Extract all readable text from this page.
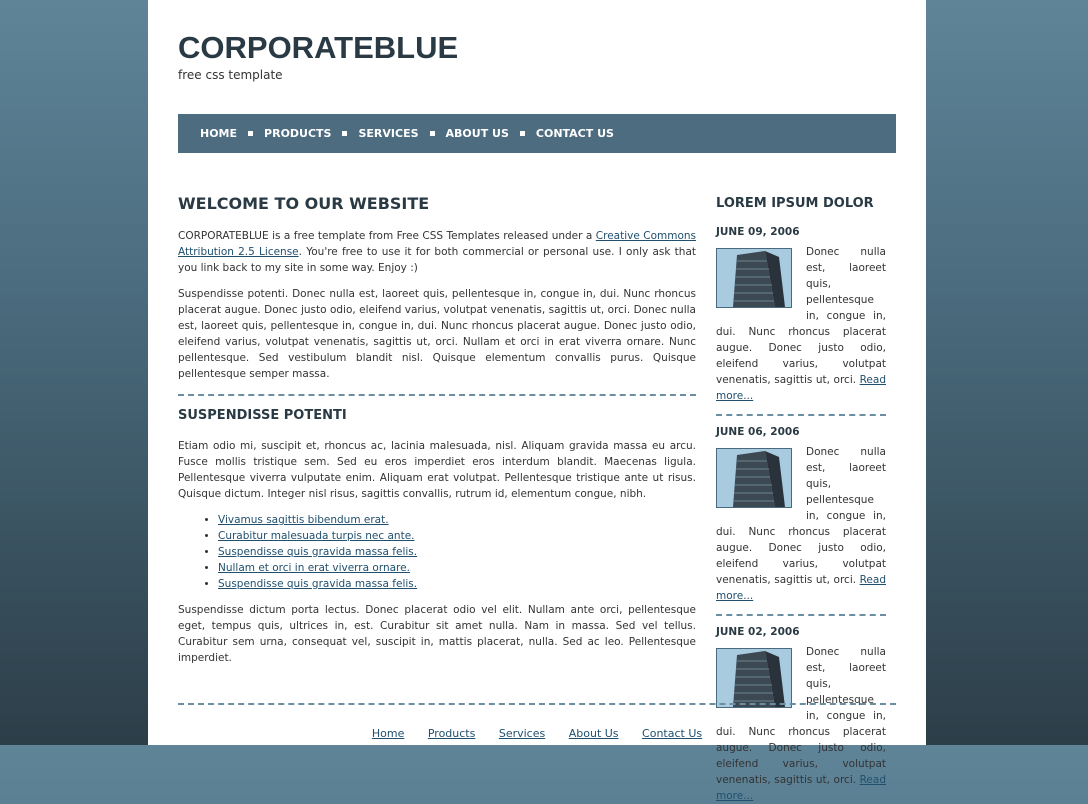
CORPORATEBLUE
free css template
HOME PRODUCTS SERVICES ABOUT US CONTACT US
WELCOME TO OUR WEBSITE

CORPORATEBLUE is a free template from Free CSS Templates released under a Creative Commons Attribution 2.5 License. You're free to use it for both commercial or personal use. I only ask that you link back to my site in some way. Enjoy :)

Suspendisse potenti. Donec nulla est, laoreet quis, pellentesque in, congue in, dui. Nunc rhoncus placerat augue. Donec justo odio, eleifend varius, volutpat venenatis, sagittis ut, orci. Donec nulla est, laoreet quis, pellentesque in, congue in, dui. Nunc rhoncus placerat augue. Donec justo odio, eleifend varius, volutpat venenatis, sagittis ut, orci. Nullam et orci in erat viverra ornare. Nunc pellentesque. Sed vestibulum blandit nisl. Quisque elementum convallis purus. Quisque pellentesque semper massa.

SUSPENDISSE POTENTI

Etiam odio mi, suscipit et, rhoncus ac, lacinia malesuada, nisl. Aliquam gravida massa eu arcu. Fusce mollis tristique sem. Sed eu eros imperdiet eros interdum blandit. Maecenas ligula. Pellentesque viverra vulputate enim. Aliquam erat volutpat. Pellentesque tristique ante ut risus. Quisque dictum. Integer nisl risus, sagittis convallis, rutrum id, elementum congue, nibh.

• Vivamus sagittis bibendum erat.
• Curabitur malesuada turpis nec ante.
• Suspendisse quis gravida massa felis.
• Nullam et orci in erat viverra ornare.
• Suspendisse quis gravida massa felis.

Suspendisse dictum porta lectus. Donec placerat odio vel elit. Nullam ante orci, pellentesque eget, tempus quis, ultrices in, est. Curabitur sit amet nulla. Nam in massa. Sed vel tellus. Curabitur sem urna, consequat vel, suscipit in, mattis placerat, nulla. Sed ac leo. Pellentesque imperdiet.

LOREM IPSUM DOLOR
JUNE 09, 2006

Donec nulla est, laoreet quis, pellentesque in, congue in, dui. Nunc rhoncus placerat augue. Donec justo odio, eleifend varius, volutpat venenatis, sagittis ut, orci. Read more...

JUNE 06, 2006

Donec nulla est, laoreet quis, pellentesque in, congue in, dui. Nunc rhoncus placerat augue. Donec justo odio, eleifend varius, volutpat venenatis, sagittis ut, orci. Read more...

JUNE 02, 2006

Donec nulla est, laoreet quis, pellentesque in, congue in, dui. Nunc rhoncus placerat augue. Donec justo odio, eleifend varius, volutpat venenatis, sagittis ut, orci. Read more...

Home Products Services About Us Contact Us
